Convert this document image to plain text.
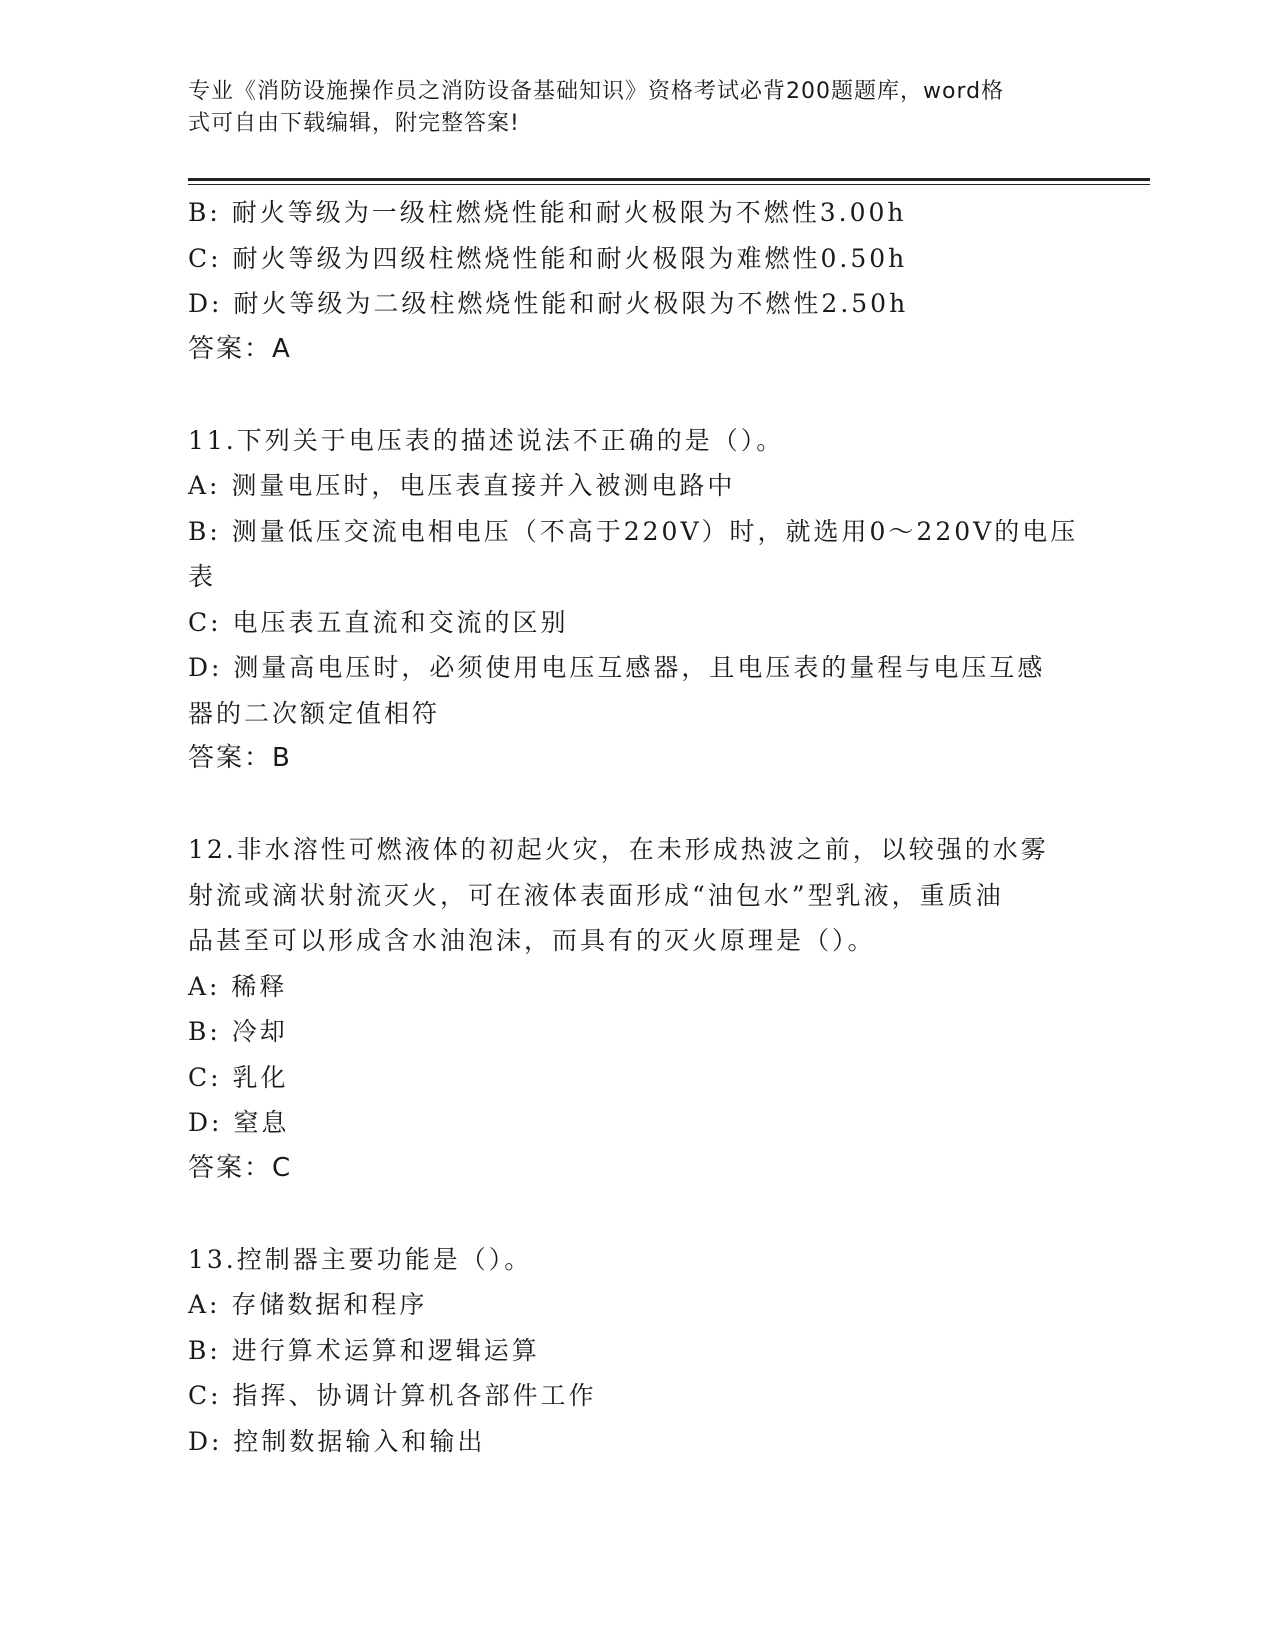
专业《消防设施操作员之消防设备基础知识》资格考试必背200题题库，word格
式可自由下载编辑，附完整答案!

B: 耐火等级为一级柱燃烧性能和耐火极限为不燃性3.00h

C: 耐火等级为四级柱燃烧性能和耐火极限为难燃性0.50h

D: 耐火等级为二级柱燃烧性能和耐火极限为不燃性2.50h

答案：A

11.下列关于电压表的描述说法不正确的是（）。

A: 测量电压时，电压表直接并入被测电路中

B: 测量低压交流电相电压（不高于220V）时，就选用0～220V的电压

表

C: 电压表五直流和交流的区别

D: 测量高电压时，必须使用电压互感器，且电压表的量程与电压互感

器的二次额定值相符

答案：B

12.非水溶性可燃液体的初起火灾，在未形成热波之前，以较强的水雾

射流或滴状射流灭火，可在液体表面形成“油包水”型乳液，重质油

品甚至可以形成含水油泡沫，而具有的灭火原理是（）。

A: 稀释

B: 冷却

C: 乳化

D: 窒息

答案：C

13.控制器主要功能是（）。

A: 存储数据和程序

B: 进行算术运算和逻辑运算

C: 指挥、协调计算机各部件工作

D: 控制数据输入和输出
